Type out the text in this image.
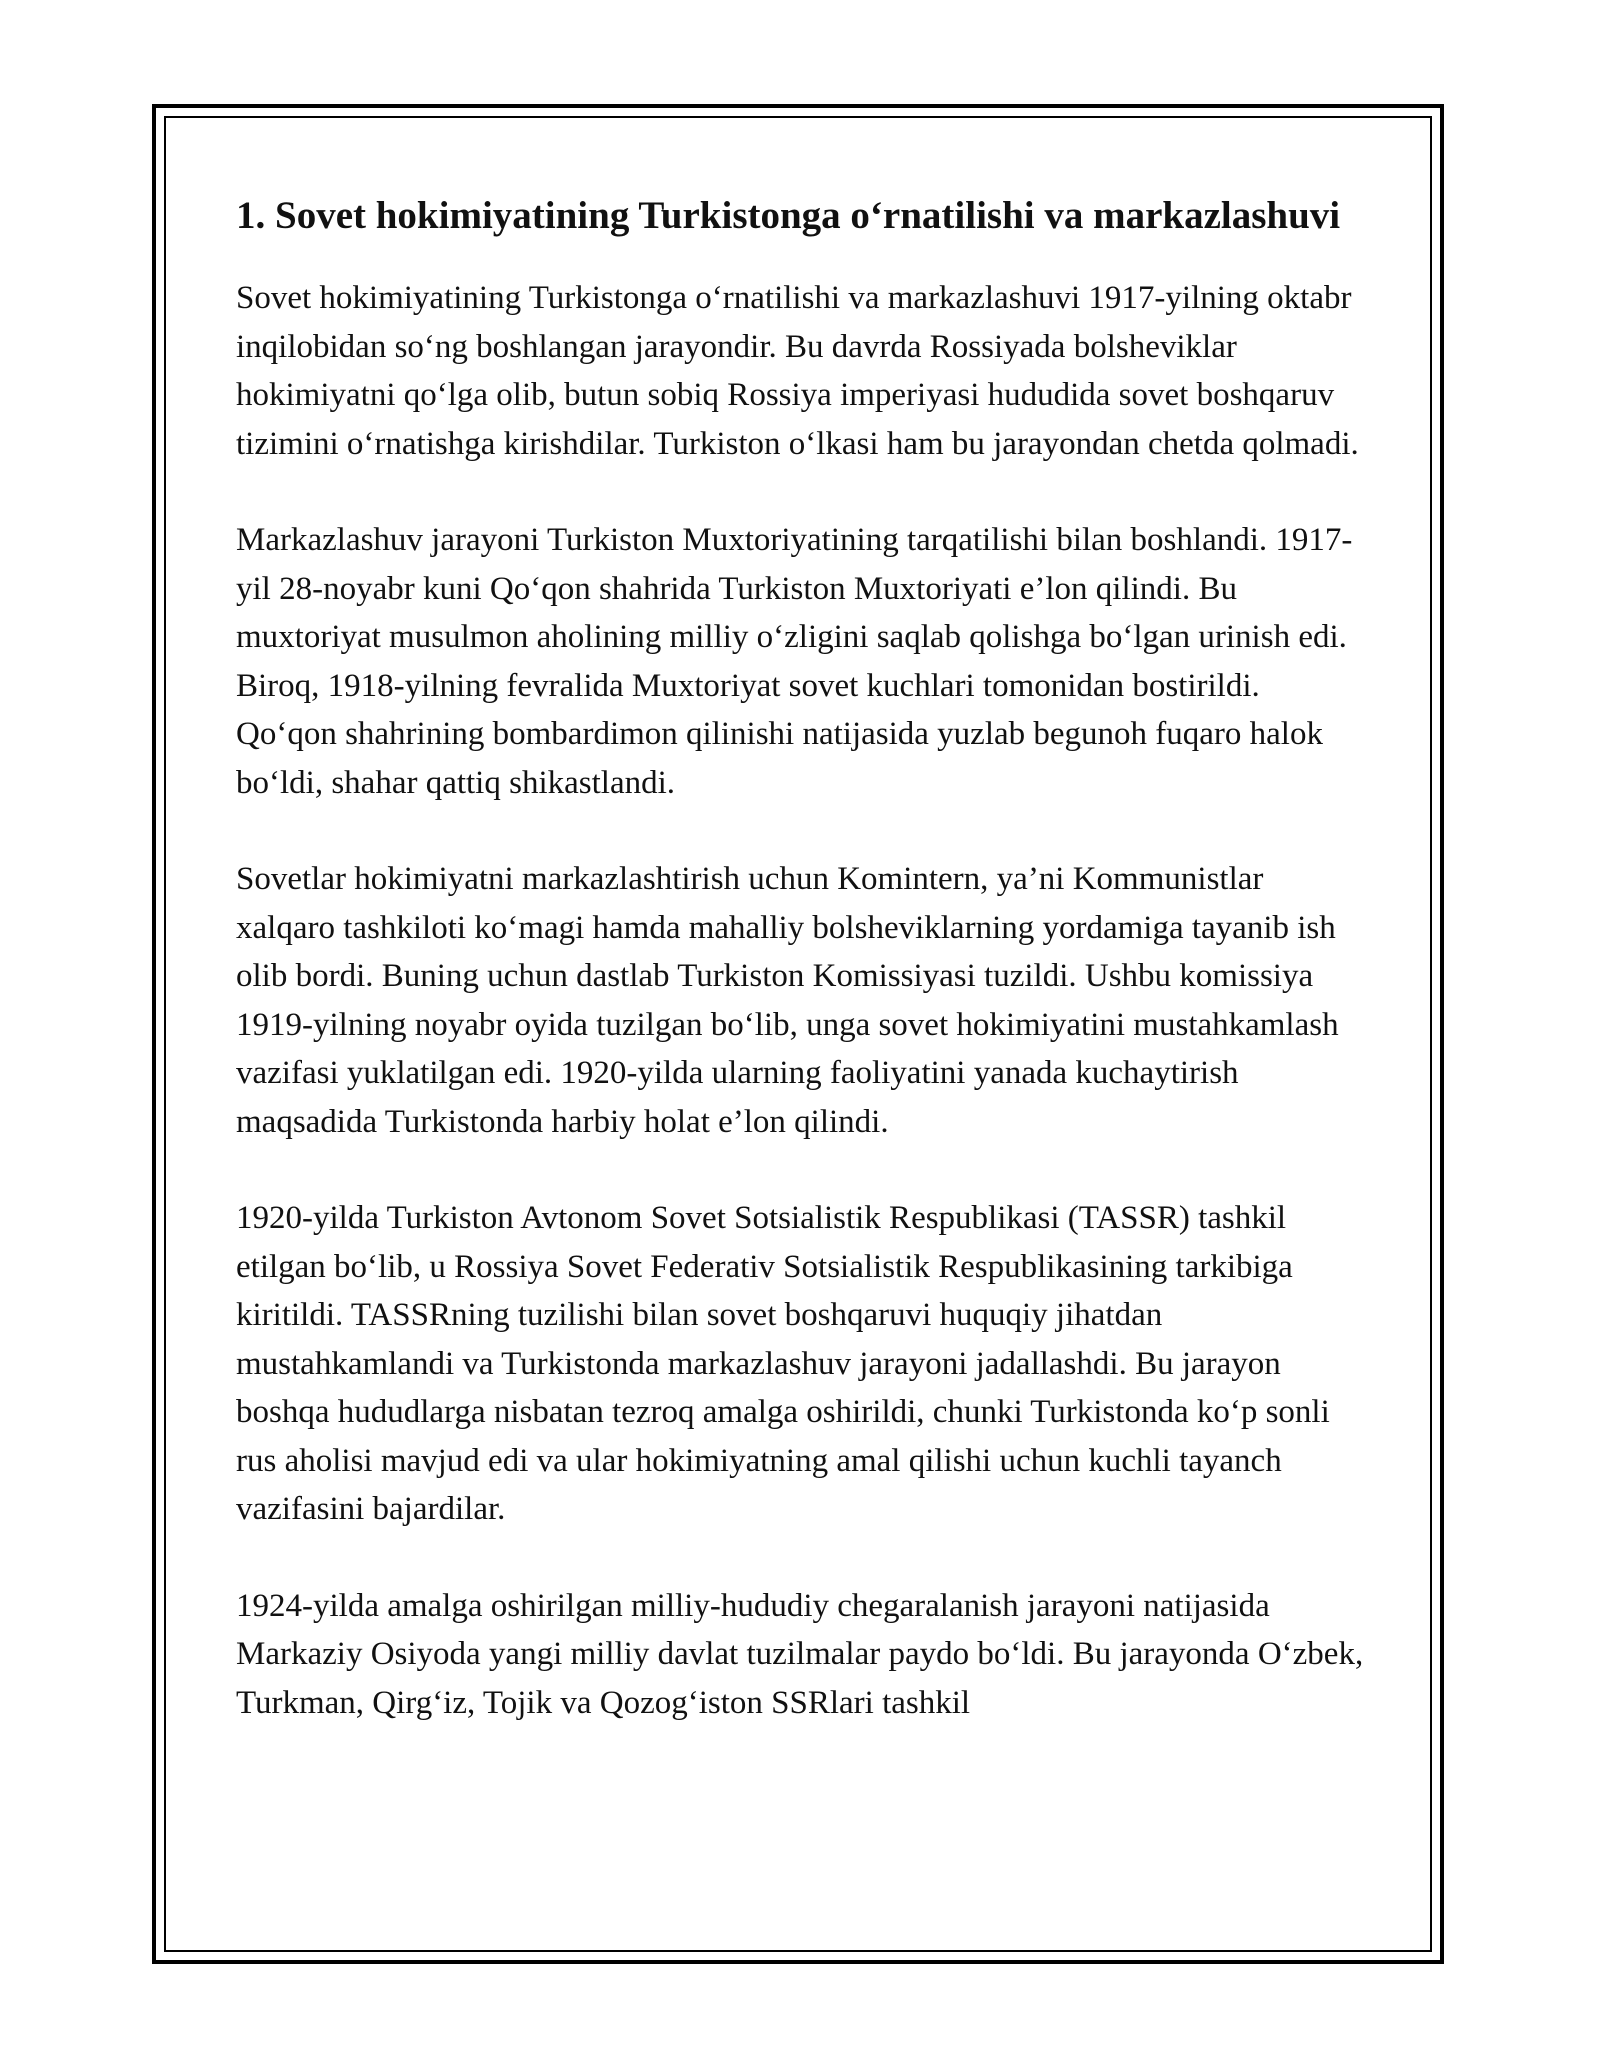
1. Sovet hokimiyatining Turkistonga o‘rnatilishi va markazlashuvi

Sovet hokimiyatining Turkistonga o‘rnatilishi va markazlashuvi 1917-yilning oktabr inqilobidan so‘ng boshlangan jarayondir. Bu davrda Rossiyada bolsheviklar hokimiyatni qo‘lga olib, butun sobiq Rossiya imperiyasi hududida sovet boshqaruv tizimini o‘rnatishga kirishdilar. Turkiston o‘lkasi ham bu jarayondan chetda qolmadi.

Markazlashuv jarayoni Turkiston Muxtoriyatining tarqatilishi bilan boshlandi. 1917-yil 28-noyabr kuni Qo‘qon shahrida Turkiston Muxtoriyati e’lon qilindi. Bu muxtoriyat musulmon aholining milliy o‘zligini saqlab qolishga bo‘lgan urinish edi. Biroq, 1918-yilning fevralida Muxtoriyat sovet kuchlari tomonidan bostirildi. Qo‘qon shahrining bombardimon qilinishi natijasida yuzlab begunoh fuqaro halok bo‘ldi, shahar qattiq shikastlandi.

Sovetlar hokimiyatni markazlashtirish uchun Komintern, ya’ni Kommunistlar xalqaro tashkiloti ko‘magi hamda mahalliy bolsheviklarning yordamiga tayanib ish olib bordi. Buning uchun dastlab Turkiston Komissiyasi tuzildi. Ushbu komissiya 1919-yilning noyabr oyida tuzilgan bo‘lib, unga sovet hokimiyatini mustahkamlash vazifasi yuklatilgan edi. 1920-yilda ularning faoliyatini yanada kuchaytirish maqsadida Turkistonda harbiy holat e’lon qilindi.

1920-yilda Turkiston Avtonom Sovet Sotsialistik Respublikasi (TASSR) tashkil etilgan bo‘lib, u Rossiya Sovet Federativ Sotsialistik Respublikasining tarkibiga kiritildi. TASSRning tuzilishi bilan sovet boshqaruvi huquqiy jihatdan mustahkamlandi va Turkistonda markazlashuv jarayoni jadallashdi. Bu jarayon boshqa hududlarga nisbatan tezroq amalga oshirildi, chunki Turkistonda ko‘p sonli rus aholisi mavjud edi va ular hokimiyatning amal qilishi uchun kuchli tayanch vazifasini bajardilar.

1924-yilda amalga oshirilgan milliy-hududiy chegaralanish jarayoni natijasida Markaziy Osiyoda yangi milliy davlat tuzilmalar paydo bo‘ldi. Bu jarayonda O‘zbek, Turkman, Qirg‘iz, Tojik va Qozog‘iston SSRlari tashkil
